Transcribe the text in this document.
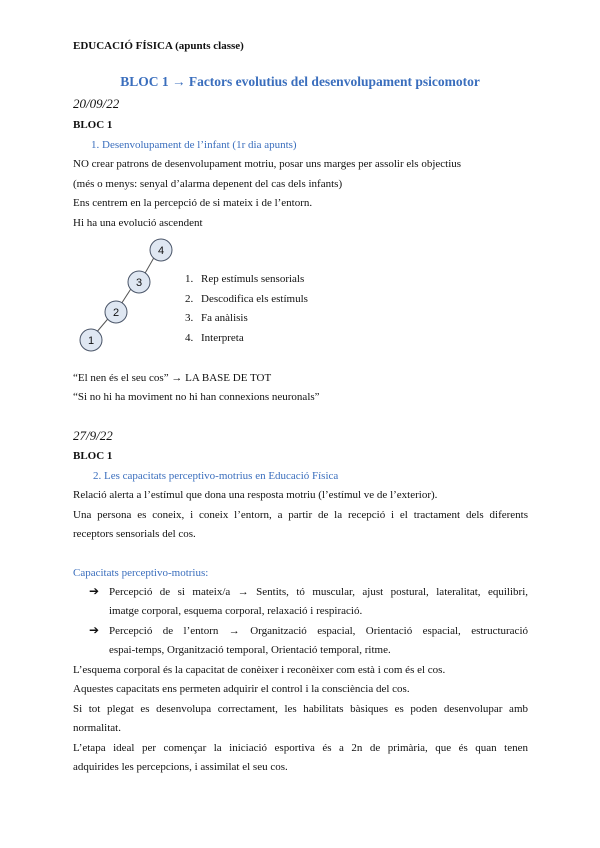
EDUCACIÓ FÍSICA (apunts classe)
BLOC 1 → Factors evolutius del desenvolupament psicomotor
20/09/22
BLOC 1
1. Desenvolupament de l’infant (1r dia apunts)
NO crear patrons de desenvolupament motriu, posar uns marges per assolir els objectius
(més o menys: senyal d’alarma depenent del cas dels infants)
Ens centrem en la percepció de si mateix i de l’entorn.
Hi ha una evolució ascendent
1
2
3
4
1. Rep estímuls sensorials
2. Descodifica els estímuls
3. Fa anàlisis
4. Interpreta
“El nen és el seu cos” → LA BASE DE TOT
“Si no hi ha moviment no hi han connexions neuronals”
27/9/22
BLOC 1
2. Les capacitats perceptivo-motrius en Educació Física
Relació alerta a l’estímul que dona una resposta motriu (l’estímul ve de l’exterior).
Una persona es coneix, i coneix l’entorn, a partir de la recepció i el tractament dels diferents
receptors sensorials del cos.
Capacitats perceptivo-motrius:
➔ Percepció de si mateix/a → Sentits, tó muscular, ajust postural, lateralitat, equilibri,
imatge corporal, esquema corporal, relaxació i respiració.
➔ Percepció de l’entorn → Organització espacial, Orientació espacial, estructuració
espai-temps, Organització temporal, Orientació temporal, ritme.
L’esquema corporal és la capacitat de conèixer i reconèixer com està i com és el cos.
Aquestes capacitats ens permeten adquirir el control i la consciència del cos.
Si tot plegat es desenvolupa correctament, les habilitats bàsiques es poden desenvolupar amb
normalitat.
L’etapa ideal per començar la iniciació esportiva és a 2n de primària, que és quan tenen
adquirides les percepcions, i assimilat el seu cos.
